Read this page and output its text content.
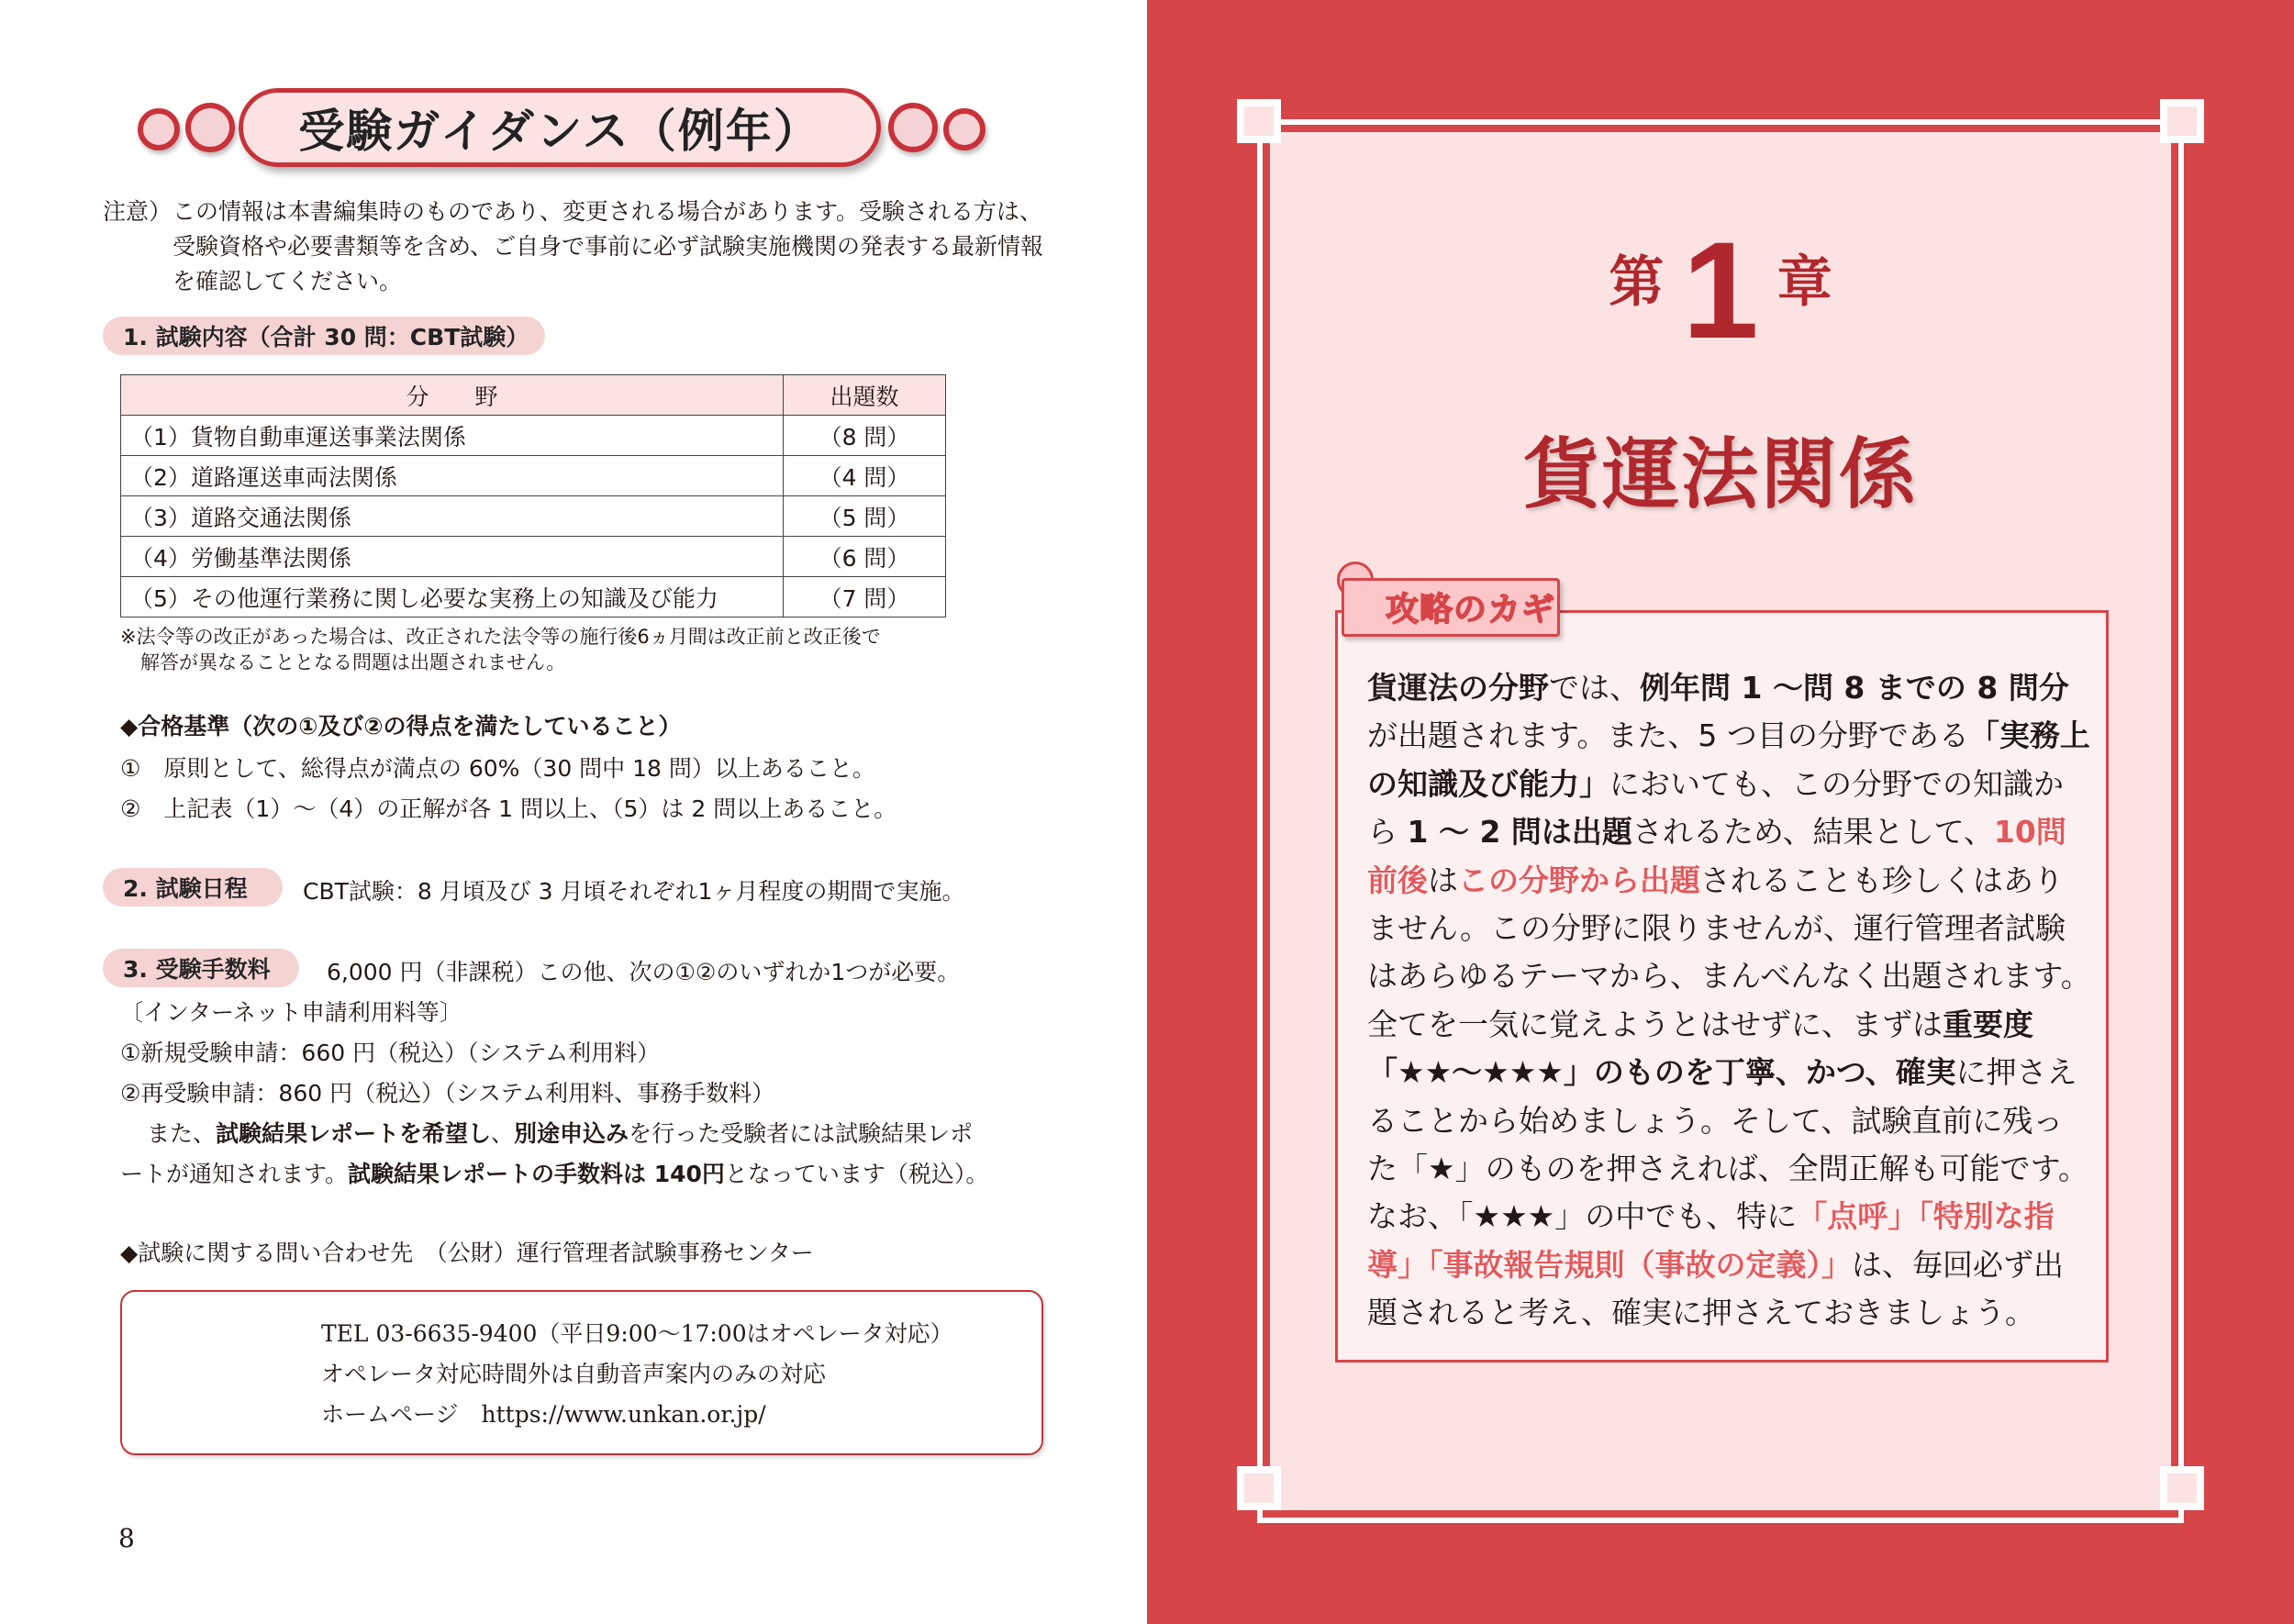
受験ガイダンス（例年）
注意） この情報は本書編集時のものであり、変更される場合があります。受験される方は、受験資格や必要書類等を含め、ご自身で事前に必ず試験実施機関の発表する最新情報を確認してください。
1. 試験内容（合計 30 問：CBT試験）
分　　野	出題数
（1）貨物自動車運送事業法関係	（8 問）
（2）道路運送車両法関係	（4 問）
（3）道路交通法関係	（5 問）
（4）労働基準法関係	（6 問）
（5）その他運行業務に関し必要な実務上の知識及び能力	（7 問）
※法令等の改正があった場合は、改正された法令等の施行後6ヵ月間は改正前と改正後で
解答が異なることとなる問題は出題されません。
◆合格基準（次の①及び②の得点を満たしていること）
①　原則として、総得点が満点の 60%（30 問中 18 問）以上あること。
②　上記表（1）～（4）の正解が各 1 問以上、（5）は 2 問以上あること。
2. 試験日程	CBT試験：8 月頃及び 3 月頃それぞれ1ヶ月程度の期間で実施。
3. 受験手数料	6,000 円（非課税）この他、次の①②のいずれか1つが必要。
〔インターネット申請利用料等〕
①新規受験申請：660 円（税込）（システム利用料）
②再受験申請：860 円（税込）（システム利用料、事務手数料）
また、試験結果レポートを希望し、別途申込みを行った受験者には試験結果レポ
ートが通知されます。試験結果レポートの手数料は 140円となっています（税込）。
◆試験に関する問い合わせ先　（公財）運行管理者試験事務センター
TEL 03-6635-9400（平日9:00～17:00はオペレータ対応）
オペレータ対応時間外は自動音声案内のみの対応
ホームページ　https://www.unkan.or.jp/
8
第 1 章
貨運法関係
攻略のカギ
貨運法の分野では、例年問 1 ～問 8 までの 8 問分が出題されます。また、5 つ目の分野である「実務上の知識及び能力」においても、この分野での知識から 1 ～ 2 問は出題されるため、結果として、10問前後はこの分野から出題されることも珍しくはありません。この分野に限りませんが、運行管理者試験はあらゆるテーマから、まんべんなく出題されます。全てを一気に覚えようとはせずに、まずは重要度「★★～★★★」のものを丁寧、かつ、確実に押さえることから始めましょう。そして、試験直前に残った「★」のものを押さえれば、全問正解も可能です。なお、「★★★」の中でも、特に「点呼」「特別な指導」「事故報告規則（事故の定義）」は、毎回必ず出題されると考え、確実に押さえておきましょう。
